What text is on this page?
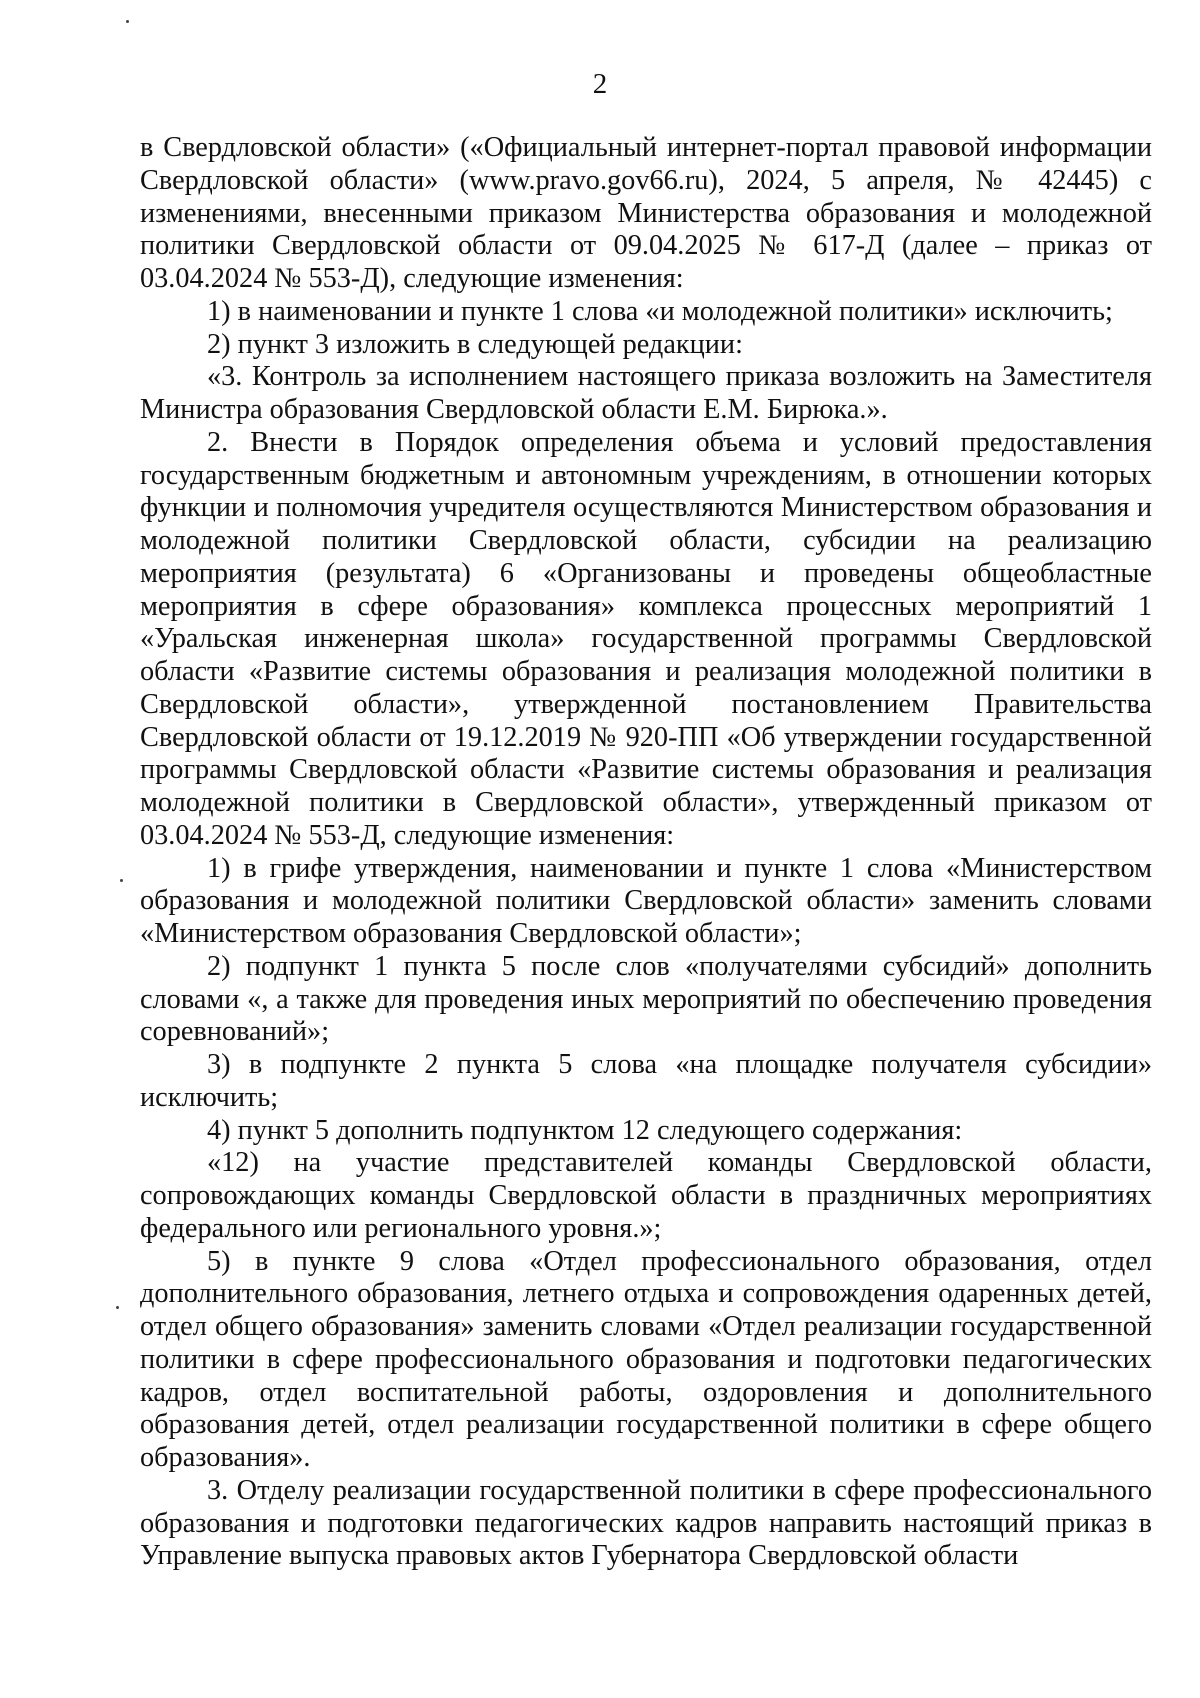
2

в Свердловской области» («Официальный интернет-портал правовой информации Свердловской области» (www.pravo.gov66.ru), 2024, 5 апреля, № 42445) с изменениями, внесенными приказом Министерства образования и молодежной политики Свердловской области от 09.04.2025 № 617-Д (далее – приказ от 03.04.2024 № 553-Д), следующие изменения:

1) в наименовании и пункте 1 слова «и молодежной политики» исключить;

2) пункт 3 изложить в следующей редакции:

«3. Контроль за исполнением настоящего приказа возложить на Заместителя Министра образования Свердловской области Е.М. Бирюка.».

2. Внести в Порядок определения объема и условий предоставления государственным бюджетным и автономным учреждениям, в отношении которых функции и полномочия учредителя осуществляются Министерством образования и молодежной политики Свердловской области, субсидии на реализацию мероприятия (результата) 6 «Организованы и проведены общеобластные мероприятия в сфере образования» комплекса процессных мероприятий 1 «Уральская инженерная школа» государственной программы Свердловской области «Развитие системы образования и реализация молодежной политики в Свердловской области», утвержденной постановлением Правительства Свердловской области от 19.12.2019 № 920-ПП «Об утверждении государственной программы Свердловской области «Развитие системы образования и реализация молодежной политики в Свердловской области», утвержденный приказом от 03.04.2024 № 553-Д, следующие изменения:

1) в грифе утверждения, наименовании и пункте 1 слова «Министерством образования и молодежной политики Свердловской области» заменить словами «Министерством образования Свердловской области»;

2) подпункт 1 пункта 5 после слов «получателями субсидий» дополнить словами «, а также для проведения иных мероприятий по обеспечению проведения соревнований»;

3) в подпункте 2 пункта 5 слова «на площадке получателя субсидии» исключить;

4) пункт 5 дополнить подпунктом 12 следующего содержания:

«12) на участие представителей команды Свердловской области, сопровождающих команды Свердловской области в праздничных мероприятиях федерального или регионального уровня.»;

5) в пункте 9 слова «Отдел профессионального образования, отдел дополнительного образования, летнего отдыха и сопровождения одаренных детей, отдел общего образования» заменить словами «Отдел реализации государственной политики в сфере профессионального образования и подготовки педагогических кадров, отдел воспитательной работы, оздоровления и дополнительного образования детей, отдел реализации государственной политики в сфере общего образования».

3. Отделу реализации государственной политики в сфере профессионального образования и подготовки педагогических кадров направить настоящий приказ в Управление выпуска правовых актов Губернатора Свердловской области
